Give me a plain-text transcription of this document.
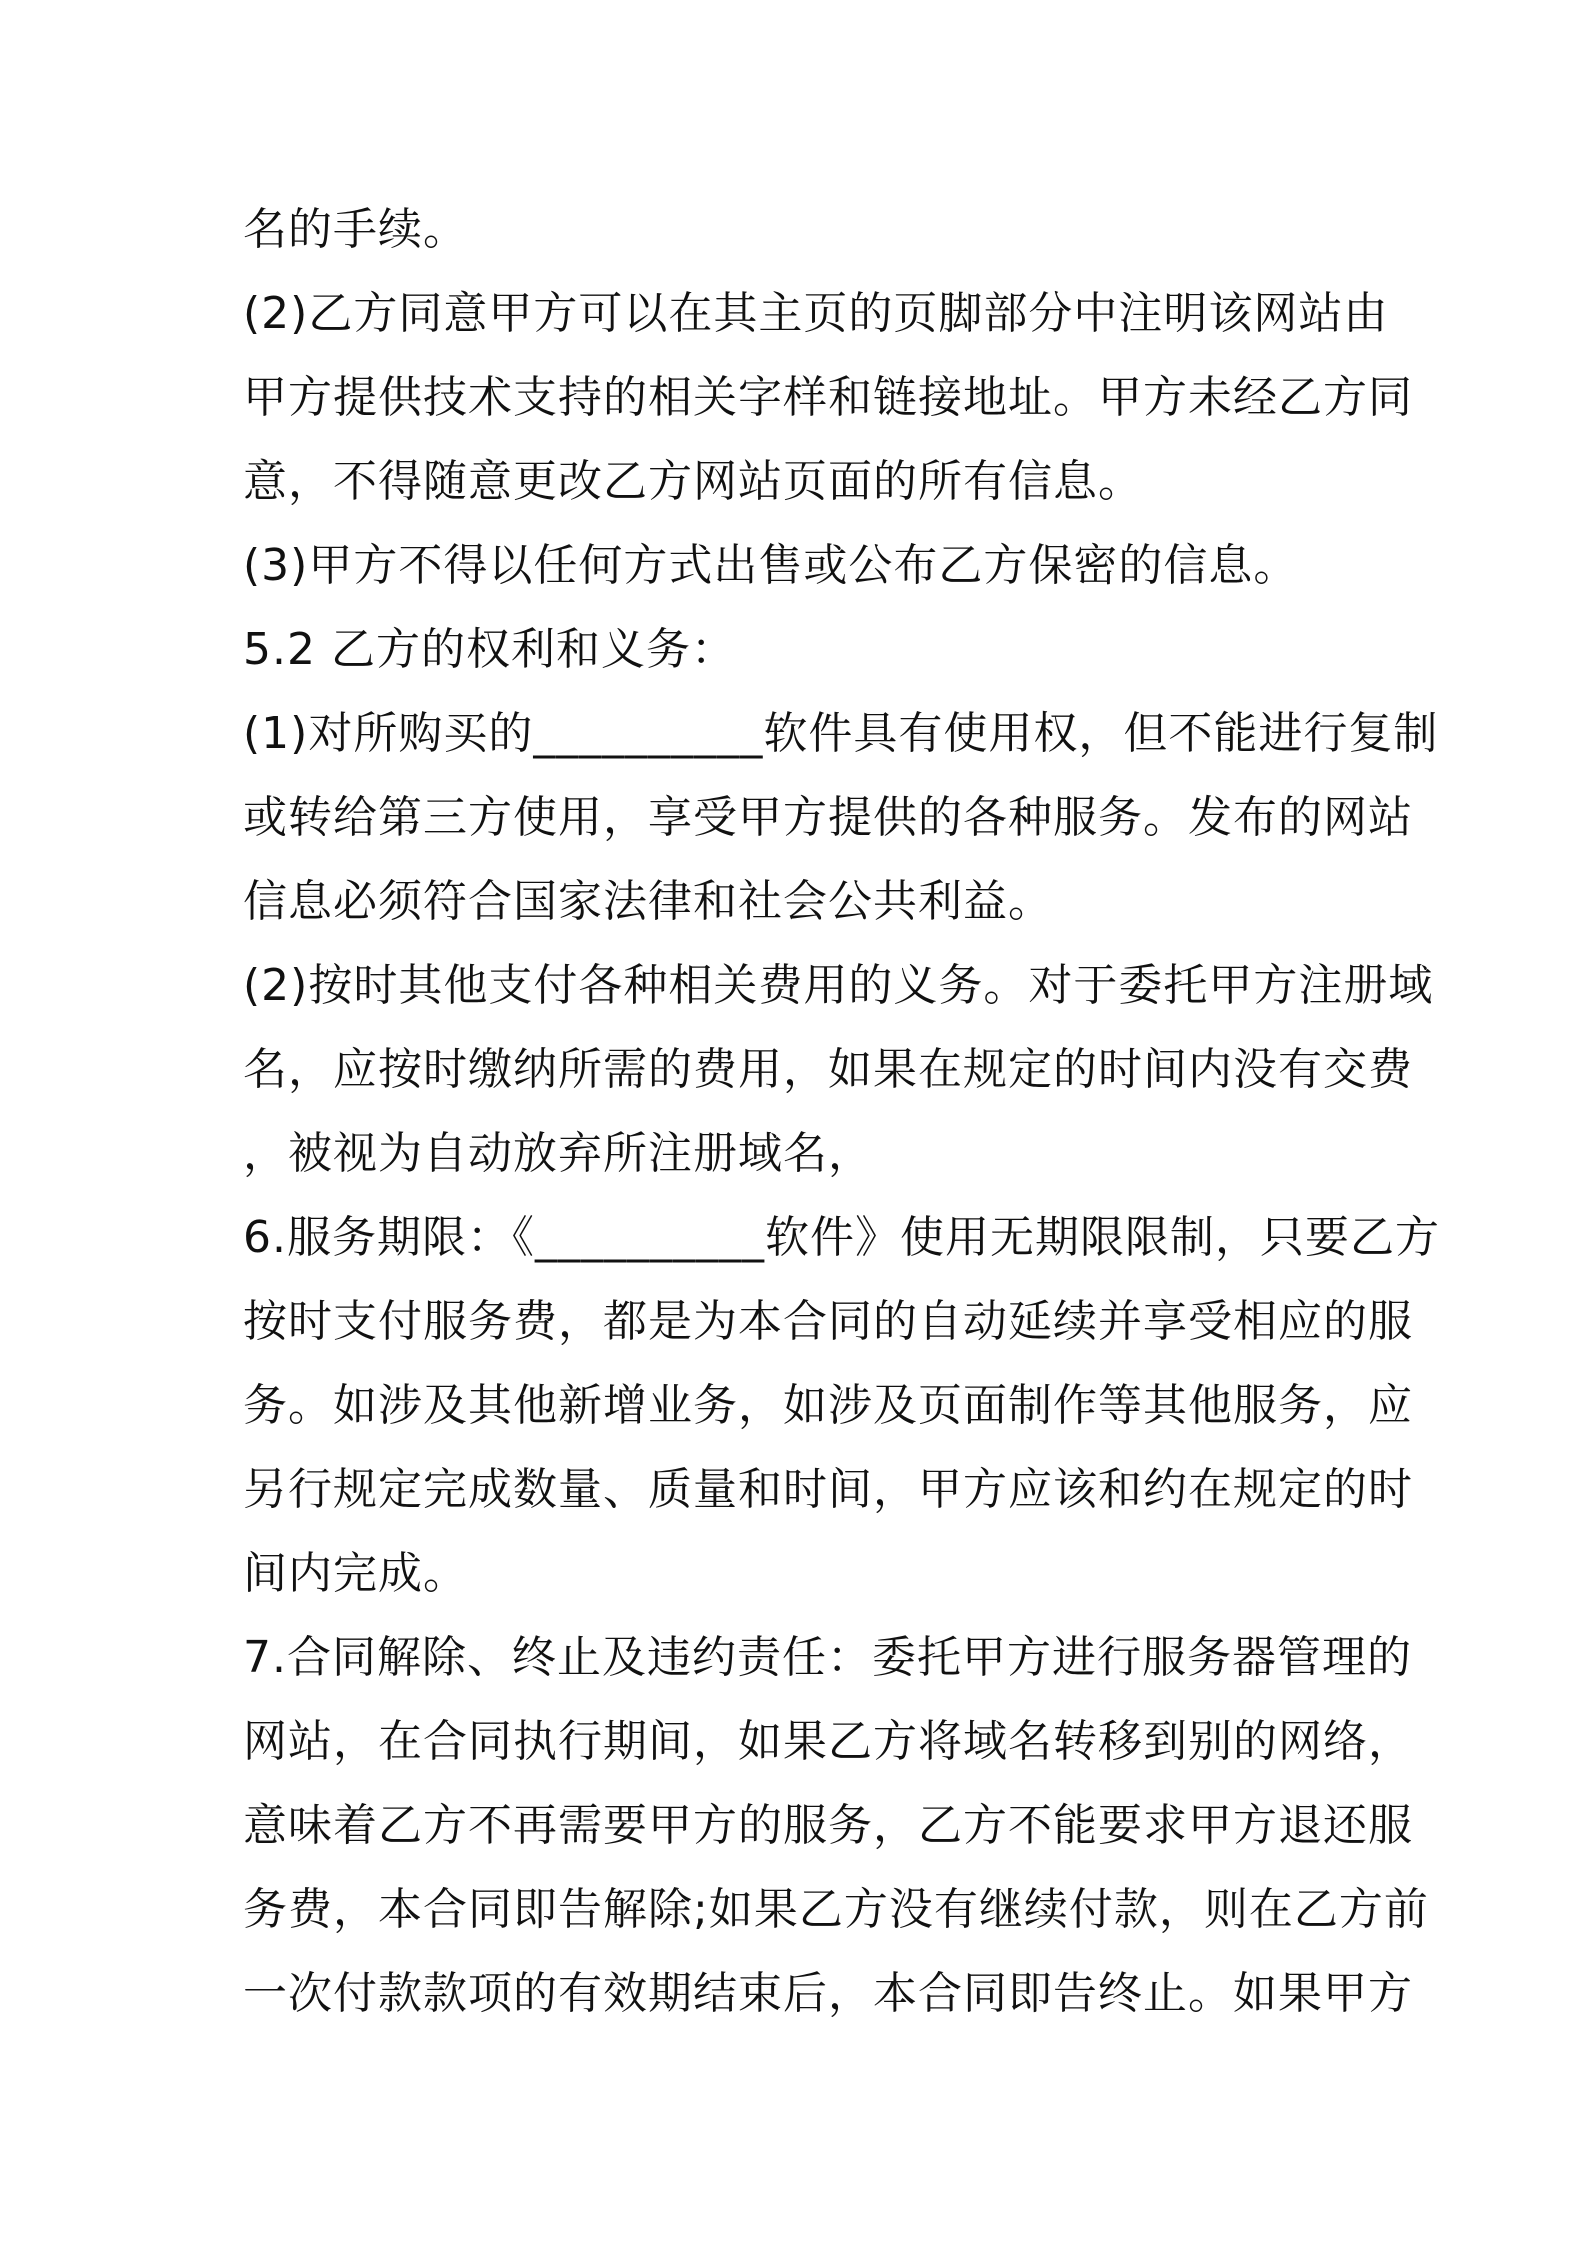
名的手续。
(2)乙方同意甲方可以在其主页的页脚部分中注明该网站由
甲方提供技术支持的相关字样和链接地址。甲方未经乙方同
意，不得随意更改乙方网站页面的所有信息。
(3)甲方不得以任何方式出售或公布乙方保密的信息。
5.2 乙方的权利和义务：
(1)对所购买的__________软件具有使用权，但不能进行复制
或转给第三方使用，享受甲方提供的各种服务。发布的网站
信息必须符合国家法律和社会公共利益。
(2)按时其他支付各种相关费用的义务。对于委托甲方注册域
名，应按时缴纳所需的费用，如果在规定的时间内没有交费
，被视为自动放弃所注册域名，
6.服务期限：《__________软件》使用无期限限制，只要乙方
按时支付服务费，都是为本合同的自动延续并享受相应的服
务。如涉及其他新增业务，如涉及页面制作等其他服务，应
另行规定完成数量、质量和时间，甲方应该和约在规定的时
间内完成。
7.合同解除、终止及违约责任：委托甲方进行服务器管理的
网站，在合同执行期间，如果乙方将域名转移到别的网络，
意味着乙方不再需要甲方的服务，乙方不能要求甲方退还服
务费，本合同即告解除;如果乙方没有继续付款，则在乙方前
一次付款款项的有效期结束后，本合同即告终止。如果甲方
